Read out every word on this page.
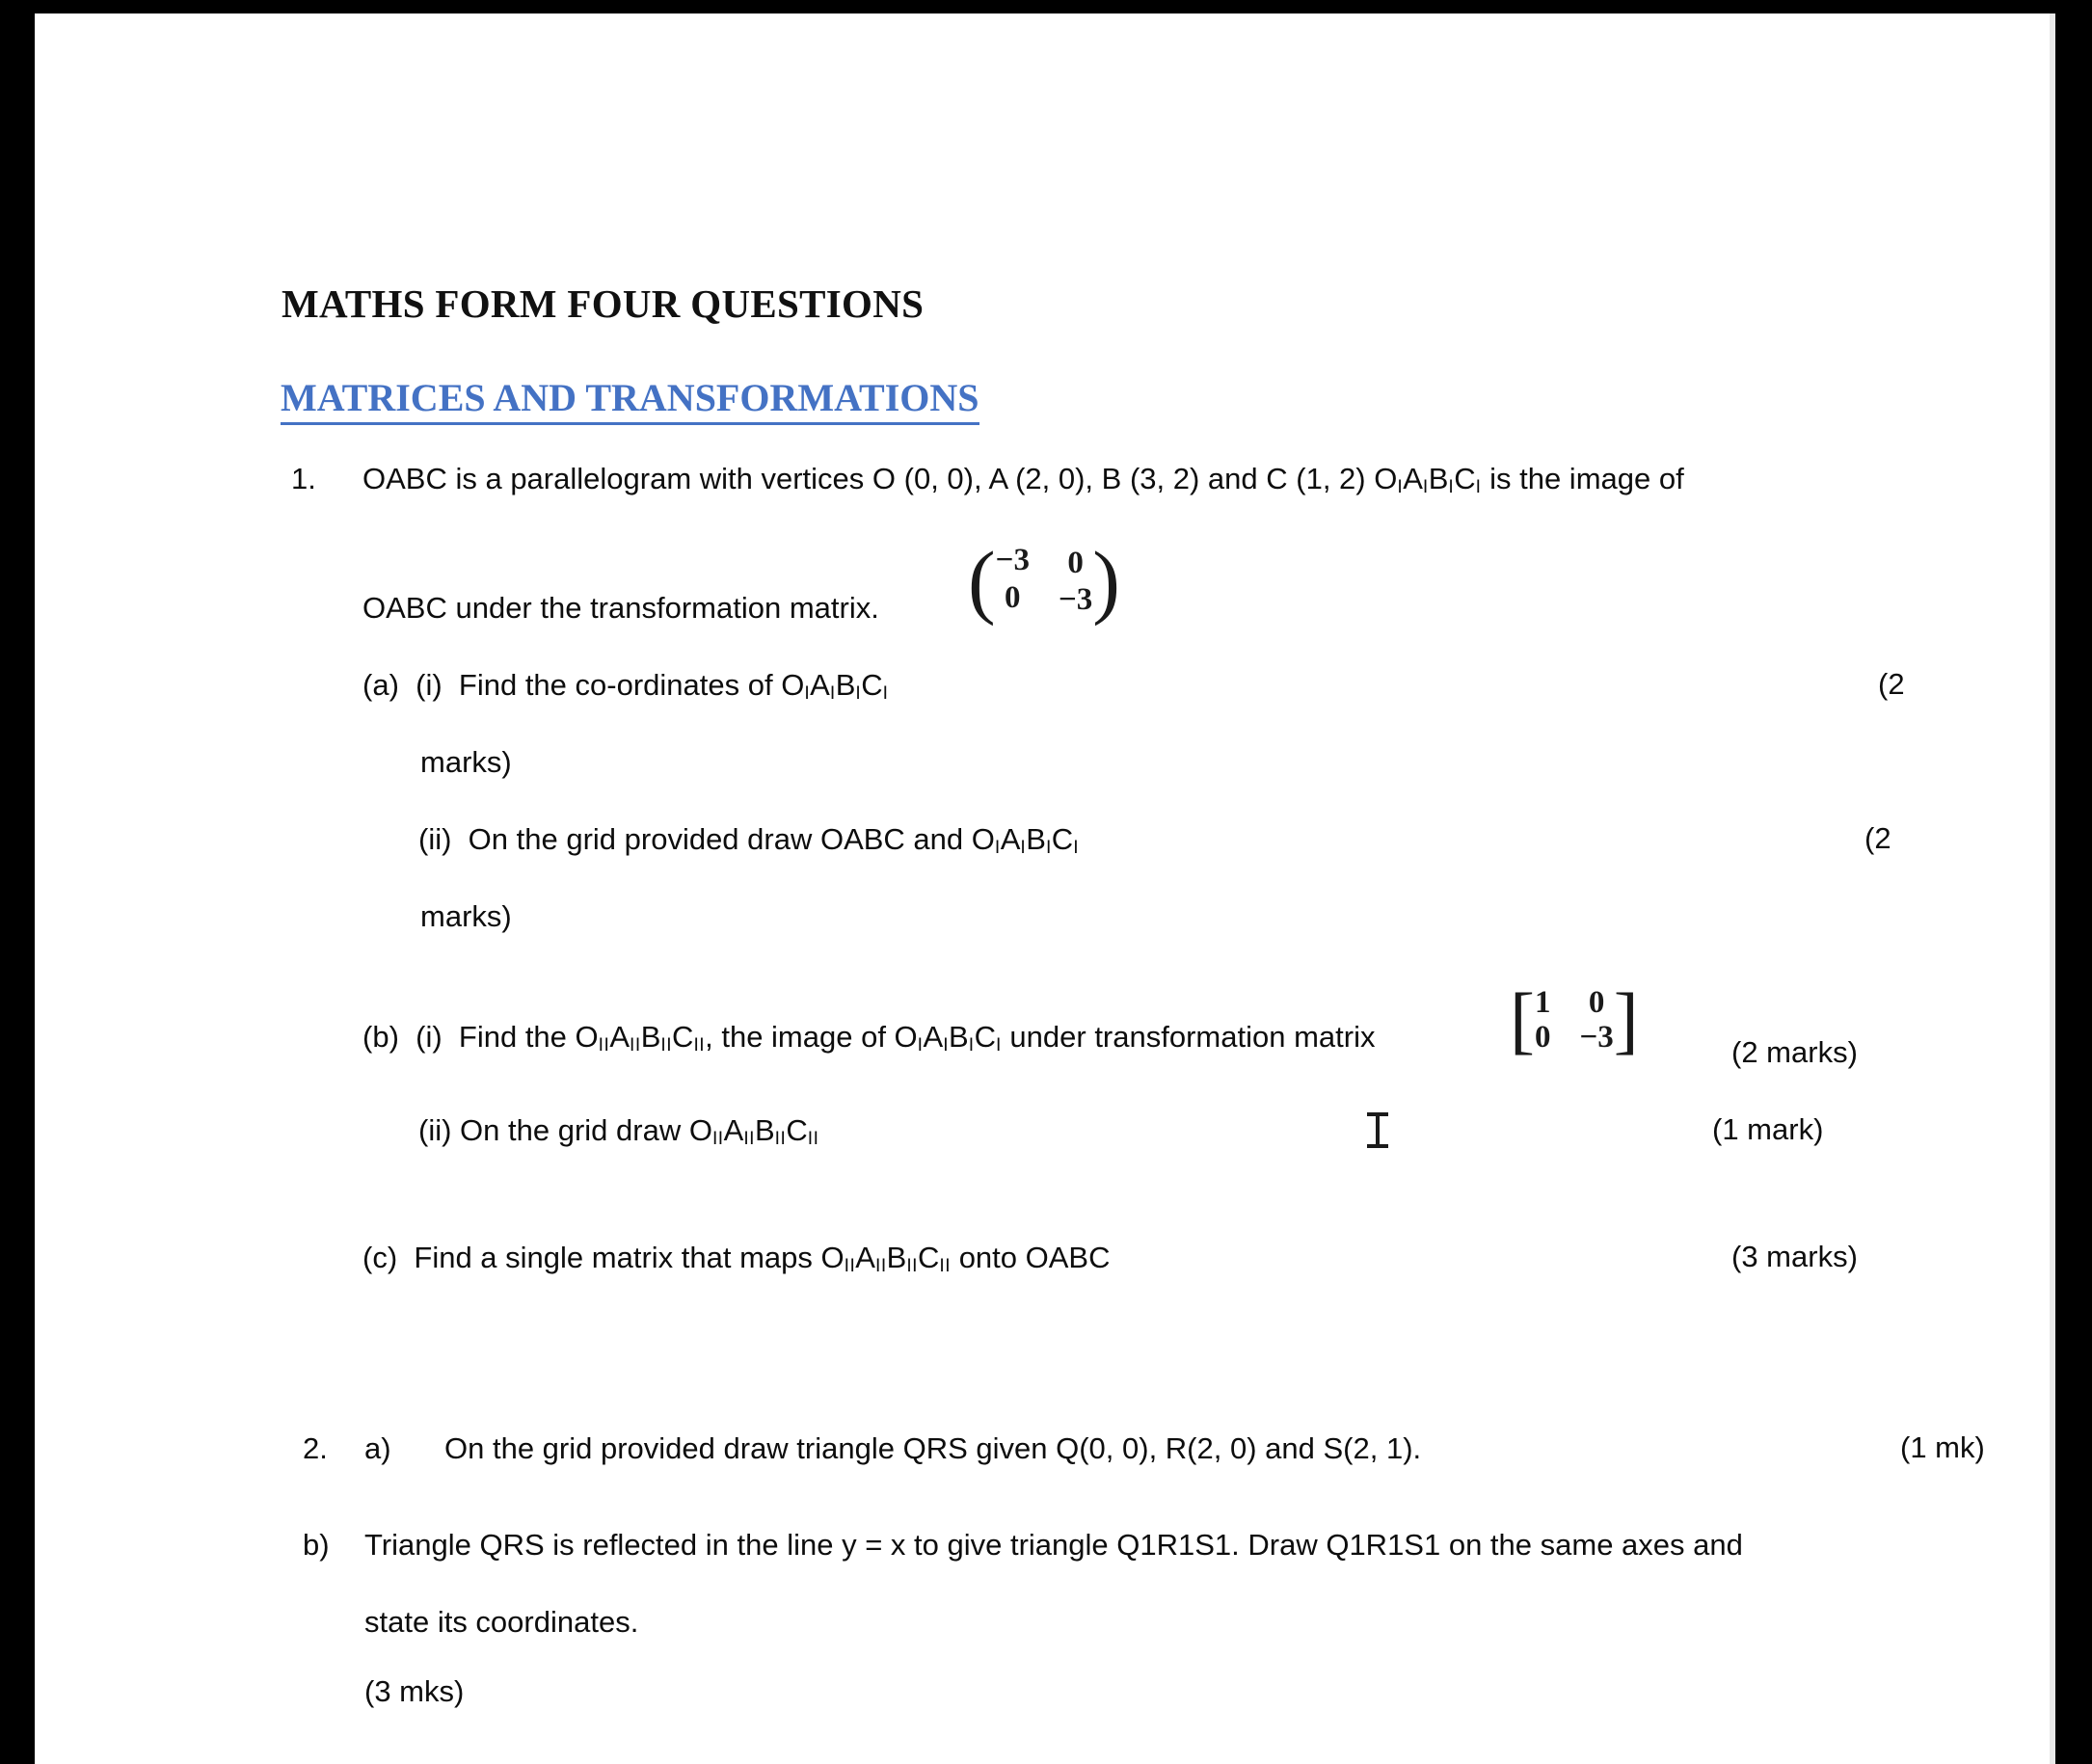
MATHS FORM FOUR QUESTIONS
MATRICES AND TRANSFORMATIONS
1. OABC is a parallelogram with vertices O (0, 0), A (2, 0), B (3, 2) and C (1, 2) $O_IA_IB_IC_I$ is the image of
OABC under the transformation matrix. ( −3 0
0 −3 )
(a) (i) Find the co-ordinates of $O_IA_IB_IC_I$	(2
marks)
(ii) On the grid provided draw OABC and $O_IA_IB_IC_I$	(2
marks)
(b) (i) Find the $O_{II}A_{II}B_{II}C_{II}$, the image of $O_IA_IB_IC_I$ under transformation matrix [ 1 0
0 −3 ]	(2 marks)
(ii) On the grid draw $O_{II}A_{II}B_{II}C_{II}$	(1 mark)
(c) Find a single matrix that maps $O_{II}A_{II}B_{II}C_{II}$ onto OABC	(3 marks)
2. a) On the grid provided draw triangle QRS given Q(0, 0), R(2, 0) and S(2, 1).	(1 mk)
b) Triangle QRS is reflected in the line y = x to give triangle Q1R1S1. Draw Q1R1S1 on the same axes and
state its coordinates.
(3 mks)
